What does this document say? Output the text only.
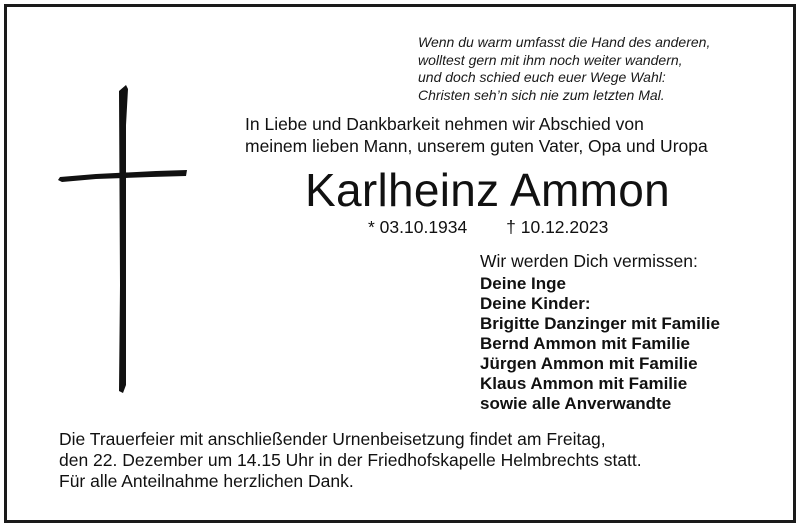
Wenn du warm umfasst die Hand des anderen,
wolltest gern mit ihm noch weiter wandern,
und doch schied euch euer Wege Wahl:
Christen seh’n sich nie zum letzten Mal.
In Liebe und Dankbarkeit nehmen wir Abschied von
meinem lieben Mann, unserem guten Vater, Opa und Uropa
Karlheinz Ammon
* 03.10.1934 † 10.12.2023
Wir werden Dich vermissen:
Deine Inge
Deine Kinder:
Brigitte Danzinger mit Familie
Bernd Ammon mit Familie
Jürgen Ammon mit Familie
Klaus Ammon mit Familie
sowie alle Anverwandte
Die Trauerfeier mit anschließender Urnenbeisetzung findet am Freitag,
den 22. Dezember um 14.15 Uhr in der Friedhofskapelle Helmbrechts statt.
Für alle Anteilnahme herzlichen Dank.
